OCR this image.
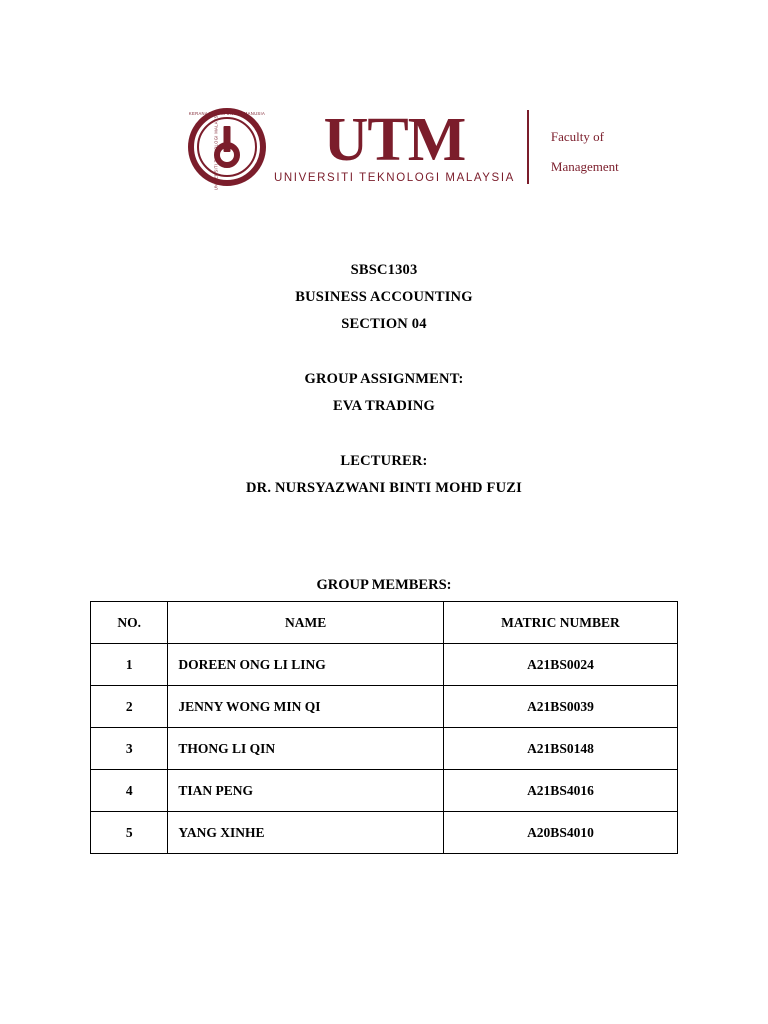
KERANA TUHAN UNTUK MANUSIA
UNIVERSITI TEKNOLOGI MALAYSIA UTM
UNIVERSITI TEKNOLOGI MALAYSIA
Faculty of
Management
SBSC1303
BUSINESS ACCOUNTING
SECTION 04
GROUP ASSIGNMENT:
EVA TRADING
LECTURER:
DR. NURSYAZWANI BINTI MOHD FUZI
GROUP MEMBERS:
NO.	NAME	MATRIC NUMBER
1	DOREEN ONG LI LING	A21BS0024
2	JENNY WONG MIN QI	A21BS0039
3	THONG LI QIN	A21BS0148
4	TIAN PENG	A21BS4016
5	YANG XINHE	A20BS4010
